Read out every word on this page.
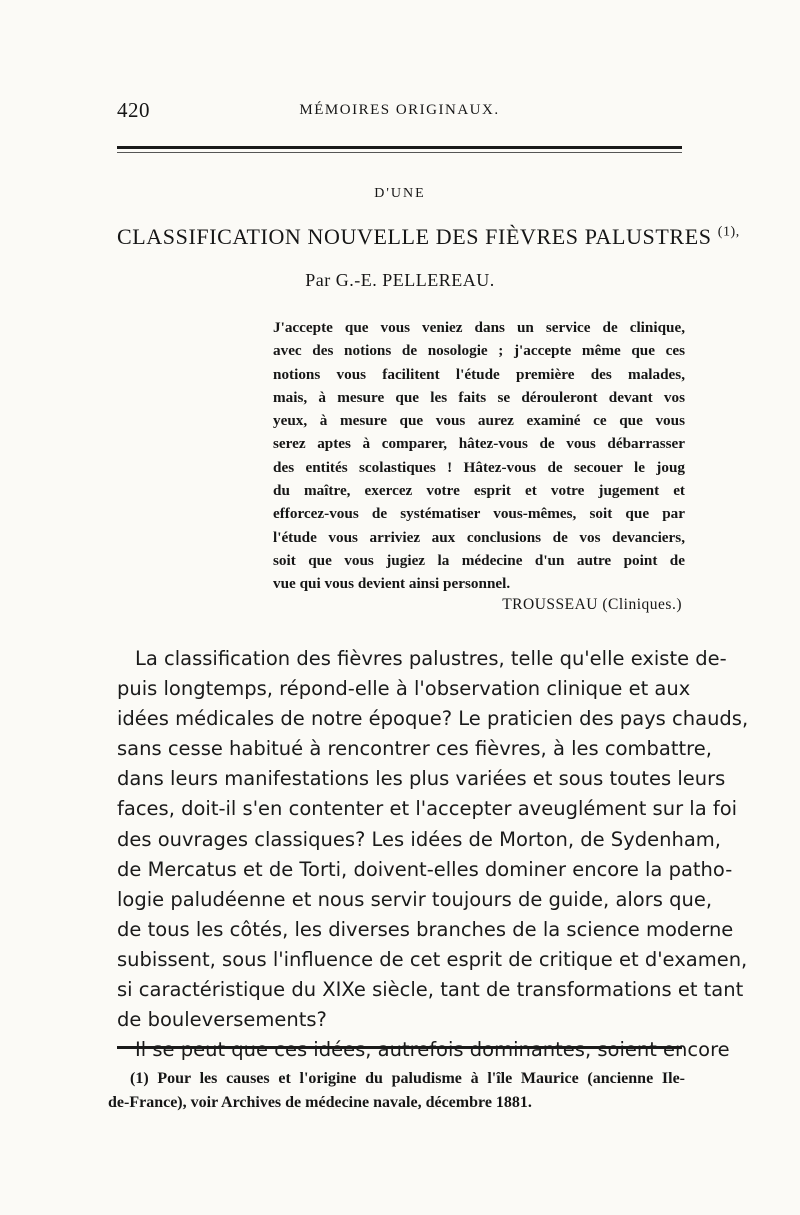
420	MÉMOIRES ORIGINAUX.
D'UNE
CLASSIFICATION NOUVELLE DES FIÈVRES PALUSTRES $^{(1),}$
Par G.-E. PELLEREAU.
J'accepte que vous veniez dans un service de clinique,
avec des notions de nosologie ; j'accepte même que ces
notions vous facilitent l'étude première des malades,
mais, à mesure que les faits se dérouleront devant vos
yeux, à mesure que vous aurez examiné ce que vous
serez aptes à comparer, hâtez-vous de vous débarrasser
des entités scolastiques ! Hâtez-vous de secouer le joug
du maître, exercez votre esprit et votre jugement et
efforcez-vous de systématiser vous-mêmes, soit que par
l'étude vous arriviez aux conclusions de vos devanciers,
soit que vous jugiez la médecine d'un autre point de
vue qui vous devient ainsi personnel.
TROUSSEAU (Cliniques.)
La classification des fièvres palustres, telle qu'elle existe de-
puis longtemps, répond-elle à l'observation clinique et aux
idées médicales de notre époque? Le praticien des pays chauds,
sans cesse habitué à rencontrer ces fièvres, à les combattre,
dans leurs manifestations les plus variées et sous toutes leurs
faces, doit-il s'en contenter et l'accepter aveuglément sur la foi
des ouvrages classiques? Les idées de Morton, de Sydenham,
de Mercatus et de Torti, doivent-elles dominer encore la patho-
logie paludéenne et nous servir toujours de guide, alors que,
de tous les côtés, les diverses branches de la science moderne
subissent, sous l'influence de cet esprit de critique et d'examen,
si caractéristique du XIXe siècle, tant de transformations et tant
de bouleversements?
Il se peut que ces idées, autrefois dominantes, soient encore
(1) Pour les causes et l'origine du paludisme à l'île Maurice (ancienne Ile-
de-France), voir Archives de médecine navale, décembre 1881.
